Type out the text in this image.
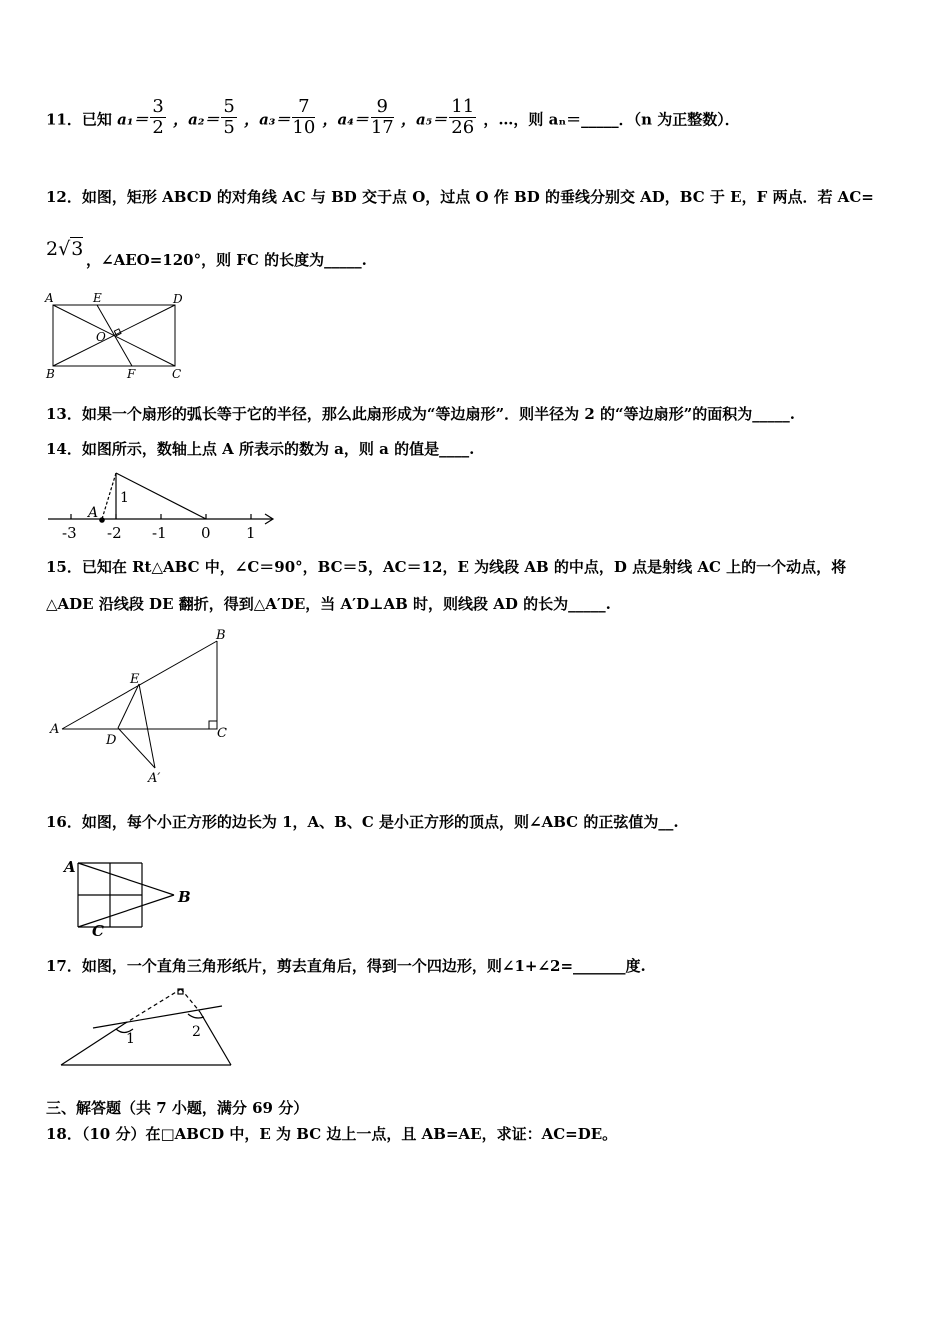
11．已知 $a_1= \frac{3}{2}$ ，$a_2= \frac{5}{5}$ ，$a_3= \frac{7}{10}$ ，$a_4= \frac{9}{17}$ ，$a_5= \frac{11}{26}$ ，…，则 aₙ＝_____．（n 为正整数）．
12．如图，矩形 ABCD 的对角线 AC 与 BD 交于点 O，过点 O 作 BD 的垂线分别交 AD，BC 于 E，F 两点．若 AC=
2√3 ，∠AEO=120°，则 FC 的长度为_____.
A	E	D
O
B	F	C
13．如果一个扇形的弧长等于它的半径，那么此扇形成为“等边扇形”．则半径为 2 的“等边扇形”的面积为_____.
14．如图所示，数轴上点 A 所表示的数为 a，则 a 的值是____.
A
1
-3 -2 -1 0 1
15．已知在 Rt△ABC 中，∠C＝90°，BC＝5，AC＝12，E 为线段 AB 的中点，D 点是射线 AC 上的一个动点，将
△ADE 沿线段 DE 翻折，得到△A′DE，当 A′D⊥AB 时，则线段 AD 的长为_____.
A
B
C
D
E
A′
16．如图，每个小正方形的边长为 1，A、B、C 是小正方形的顶点，则∠ABC 的正弦值为__.
A
B
C
17．如图，一个直角三角形纸片，剪去直角后，得到一个四边形，则∠1+∠2=_______度.
1	2
三、解答题（共 7 小题，满分 69 分）
18．（10 分）在□ABCD 中，E 为 BC 边上一点，且 AB=AE，求证：AC=DE。
